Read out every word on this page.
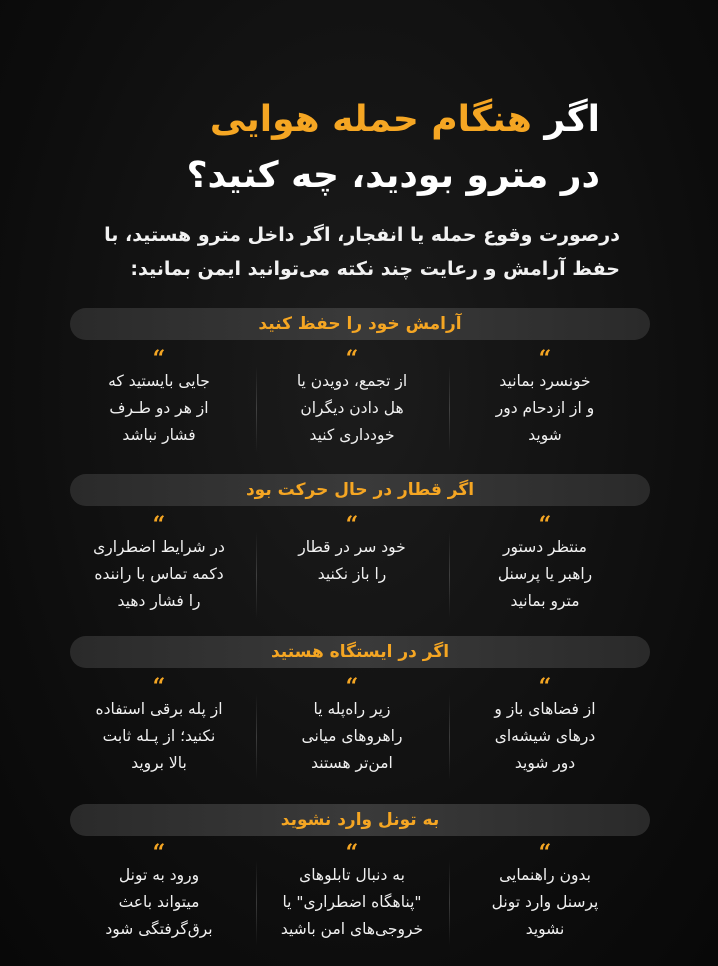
اگر هنگام حمله هوایی
در مترو بودید، چه کنید؟
درصورت وقوع حمله یا انفجار، اگر داخل مترو هستید، با حفظ آرامش و رعایت چند نکته می‌توانید ایمن بمانید:
آرامش خود را حفظ کنید
“
خونسرد بمانید
و از ازدحام دور
شوید
“
از تجمع، دویدن یا
هل دادن دیگران
خودداری کنید
“
جایی بایستید که
از هر دو طـرف
فشار نباشد
اگر قطار در حال حرکت بود
“
منتظر دستور
راهبر یا پرسنل
مترو بمانید
“
خود سر در قطار
را باز نکنید
“
در شرایط اضطراری
دکمه تماس با راننده
را فشار دهید
اگر در ایستگاه هستید
“
از فضاهای باز و
درهای شیشه‌ای
دور شوید
“
زیر راه‌پله یا
راهروهای میانی
امن‌تر هستند
“
از پله برقی استفاده
نکنید؛ از پـله ثابت
بالا بروید
به تونل وارد نشوید
“
بدون راهنمایی
پرسنل وارد تونل
نشوید
“
به دنبال تابلوهای
"پناهگاه اضطراری" یا
خروجی‌های امن باشید
“
ورود به تونل
میتواند باعث
برق‌گرفتگی شود
